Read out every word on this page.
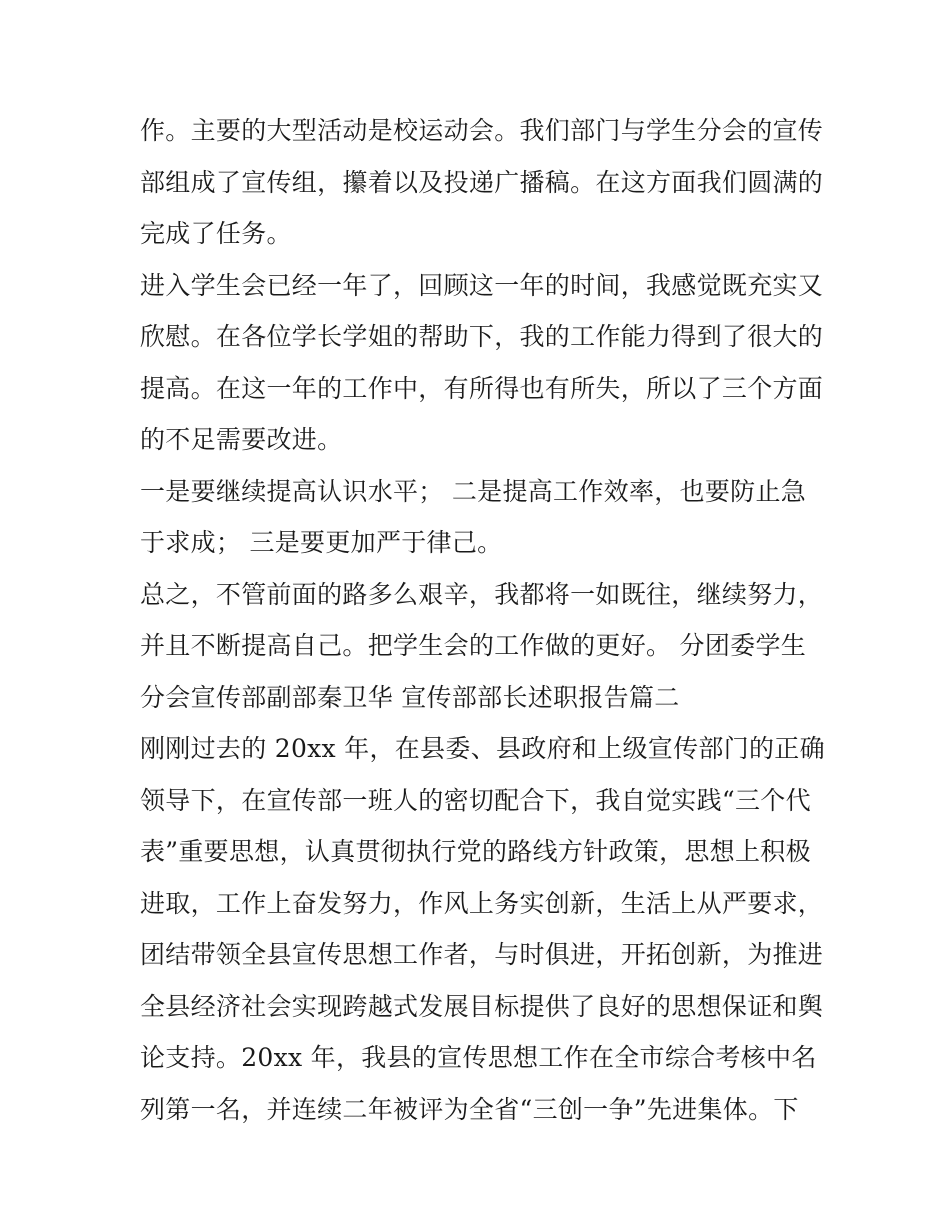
作。主要的大型活动是校运动会。我们部门与学生分会的宣传
部组成了宣传组，攥着以及投递广播稿。在这方面我们圆满的
完成了任务。
进入学生会已经一年了，回顾这一年的时间，我感觉既充实又
欣慰。在各位学长学姐的帮助下，我的工作能力得到了很大的
提高。在这一年的工作中，有所得也有所失，所以了三个方面
的不足需要改进。
一是要继续提高认识水平； 二是提高工作效率，也要防止急
于求成； 三是要更加严于律己。
总之，不管前面的路多么艰辛，我都将一如既往，继续努力，
并且不断提高自己。把学生会的工作做的更好。 分团委学生
分会宣传部副部秦卫华 宣传部部长述职报告篇二
刚刚过去的 20xx 年，在县委、县政府和上级宣传部门的正确
领导下，在宣传部一班人的密切配合下，我自觉实践“三个代
表”重要思想，认真贯彻执行党的路线方针政策，思想上积极
进取，工作上奋发努力，作风上务实创新，生活上从严要求，
团结带领全县宣传思想工作者，与时俱进，开拓创新，为推进
全县经济社会实现跨越式发展目标提供了良好的思想保证和舆
论支持。20xx 年，我县的宣传思想工作在全市综合考核中名
列第一名，并连续二年被评为全省“三创一争”先进集体。下
